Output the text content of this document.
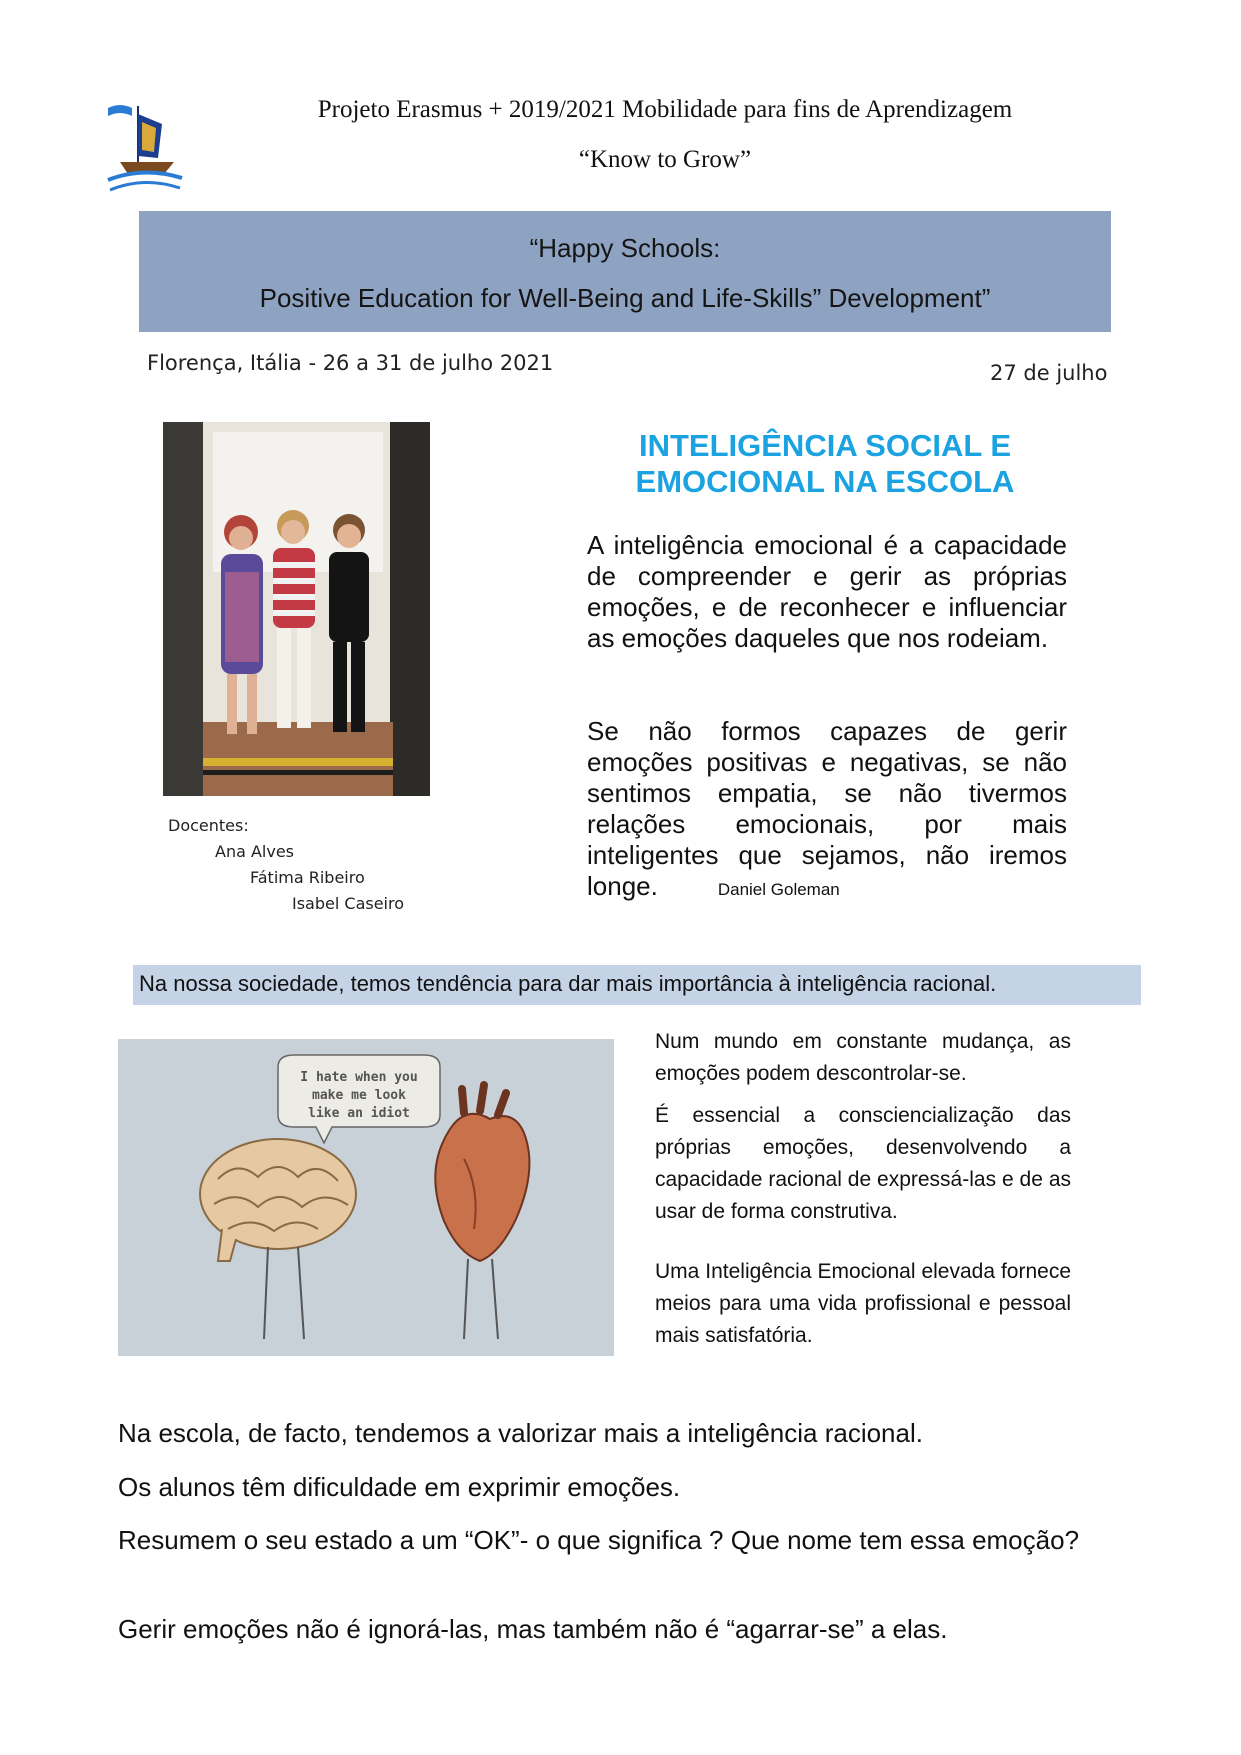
Projeto Erasmus + 2019/2021 Mobilidade para fins de Aprendizagem
“Know to Grow”
“Happy Schools:
Positive Education for Well-Being and Life-Skills” Development”
Florença, Itália - 26 a 31 de julho 2021	27 de julho
Docentes:
Ana Alves
Fátima Ribeiro
Isabel Caseiro
INTELIGÊNCIA SOCIAL E
EMOCIONAL NA ESCOLA
A inteligência emocional é a capacidade de compreender e gerir as próprias emoções, e de reconhecer e influenciar as emoções daqueles que nos rodeiam.
Se não formos capazes de gerir emoções positivas e negativas, se não sentimos empatia, se não tivermos relações emocionais, por mais inteligentes que sejamos, não iremos longe.	Daniel Goleman
Na nossa sociedade, temos tendência para dar mais importância à inteligência racional.
I hate when you
make me look
like an idiot
Num mundo em constante mudança, as emoções podem descontrolar-se.
É essencial a consciencialização das próprias emoções, desenvolvendo a capacidade racional de expressá-las e de as usar de forma construtiva.
Uma Inteligência Emocional elevada fornece meios para uma vida profissional e pessoal mais satisfatória.
Na escola, de facto, tendemos a valorizar mais a inteligência racional.
Os alunos têm dificuldade em exprimir emoções.
Resumem o seu estado a um “OK”- o que significa ? Que nome tem essa emoção?
Gerir emoções não é ignorá-las, mas também não é “agarrar-se” a elas.
